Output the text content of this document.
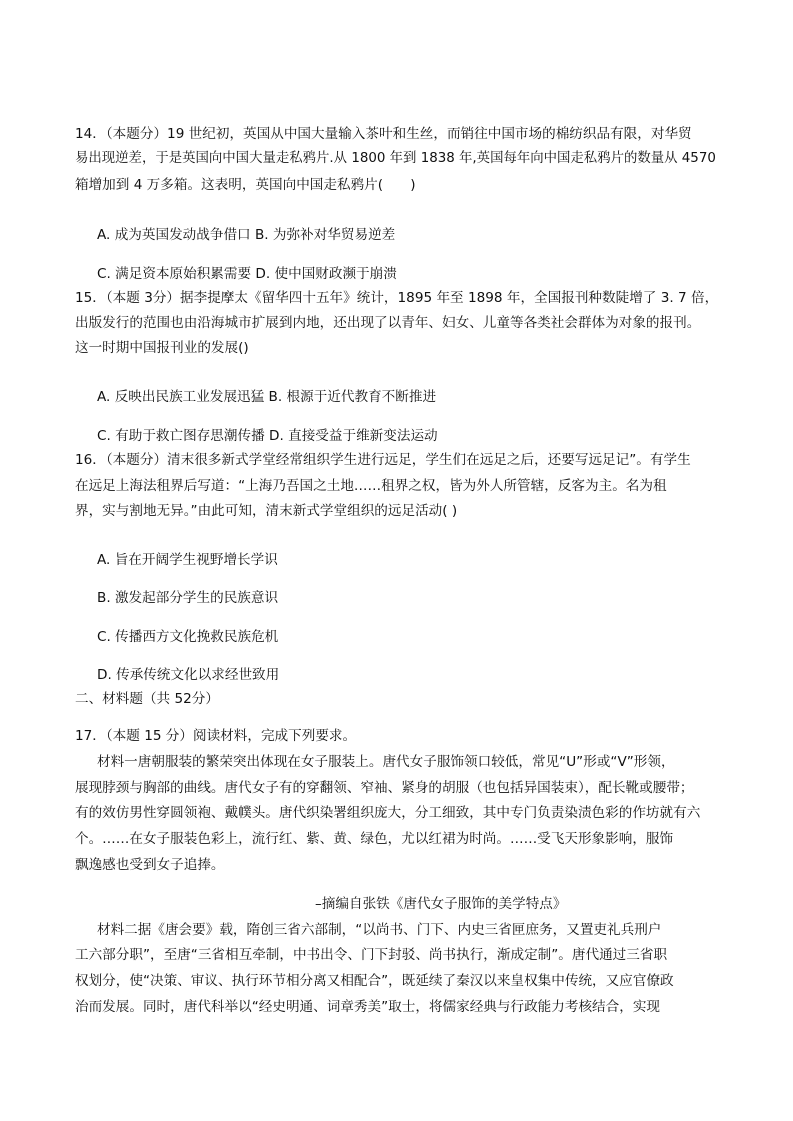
14．（本题分）19 世纪初，英国从中国大量输入茶叶和生丝，而销往中国市场的棉纺织品有限，对华贸
易出现逆差，于是英国向中国大量走私鸦片.从 1800 年到 1838 年,英国每年向中国走私鸦片的数量从 4570
箱增加到 4 万多箱。这表明，英国向中国走私鸦片(　　)
A. 成为英国发动战争借口 B. 为弥补对华贸易逆差
C. 满足资本原始积累需要 D. 使中国财政濒于崩溃
15．（本题 3分）据李提摩太《留华四十五年》统计，1895 年至 1898 年，全国报刊种数陡增了 3. 7 倍，
出版发行的范围也由沿海城市扩展到内地，还出现了以青年、妇女、儿童等各类社会群体为对象的报刊。
这一时期中国报刊业的发展()
A. 反映出民族工业发展迅猛 B. 根源于近代教育不断推进
C. 有助于救亡图存思潮传播 D. 直接受益于维新变法运动
16．（本题分）清末很多新式学堂经常组织学生进行远足，学生们在远足之后，还要写远足记”。有学生
在远足上海法租界后写道：“上海乃吾国之土地……租界之权，皆为外人所管辖，反客为主。名为租
界，实与割地无异。”由此可知，清末新式学堂组织的远足活动( )
A. 旨在开阔学生视野增长学识
B. 激发起部分学生的民族意识
C. 传播西方文化挽救民族危机
D. 传承传统文化以求经世致用
二、材料题（共 52分）
17．（本题 15 分）阅读材料，完成下列要求。
材料一唐朝服装的繁荣突出体现在女子服装上。唐代女子服饰领口较低，常见“U”形或“V”形领，
展现脖颈与胸部的曲线。唐代女子有的穿翻领、窄袖、紧身的胡服（也包括异国装束），配长靴或腰带；
有的效仿男性穿圆领袍、戴幞头。唐代织染署组织庞大，分工细致，其中专门负责染渍色彩的作坊就有六
个。……在女子服装色彩上，流行红、紫、黄、绿色，尤以红裙为时尚。……受飞天形象影响，服饰
飘逸感也受到女子追捧。
–摘编自张铁《唐代女子服饰的美学特点》
材料二据《唐会要》载，隋创三省六部制，“以尚书、门下、内史三省匣庶务，又置吏礼兵刑户
工六部分职”，至唐“三省相互牵制，中书出令、门下封驳、尚书执行，渐成定制”。唐代通过三省职
权划分，使“决策、审议、执行环节相分离又相配合”，既延续了秦汉以来皇权集中传统，又应官僚政
治而发展。同时，唐代科举以“经史明通、词章秀美”取士，将儒家经典与行政能力考核结合，实现
